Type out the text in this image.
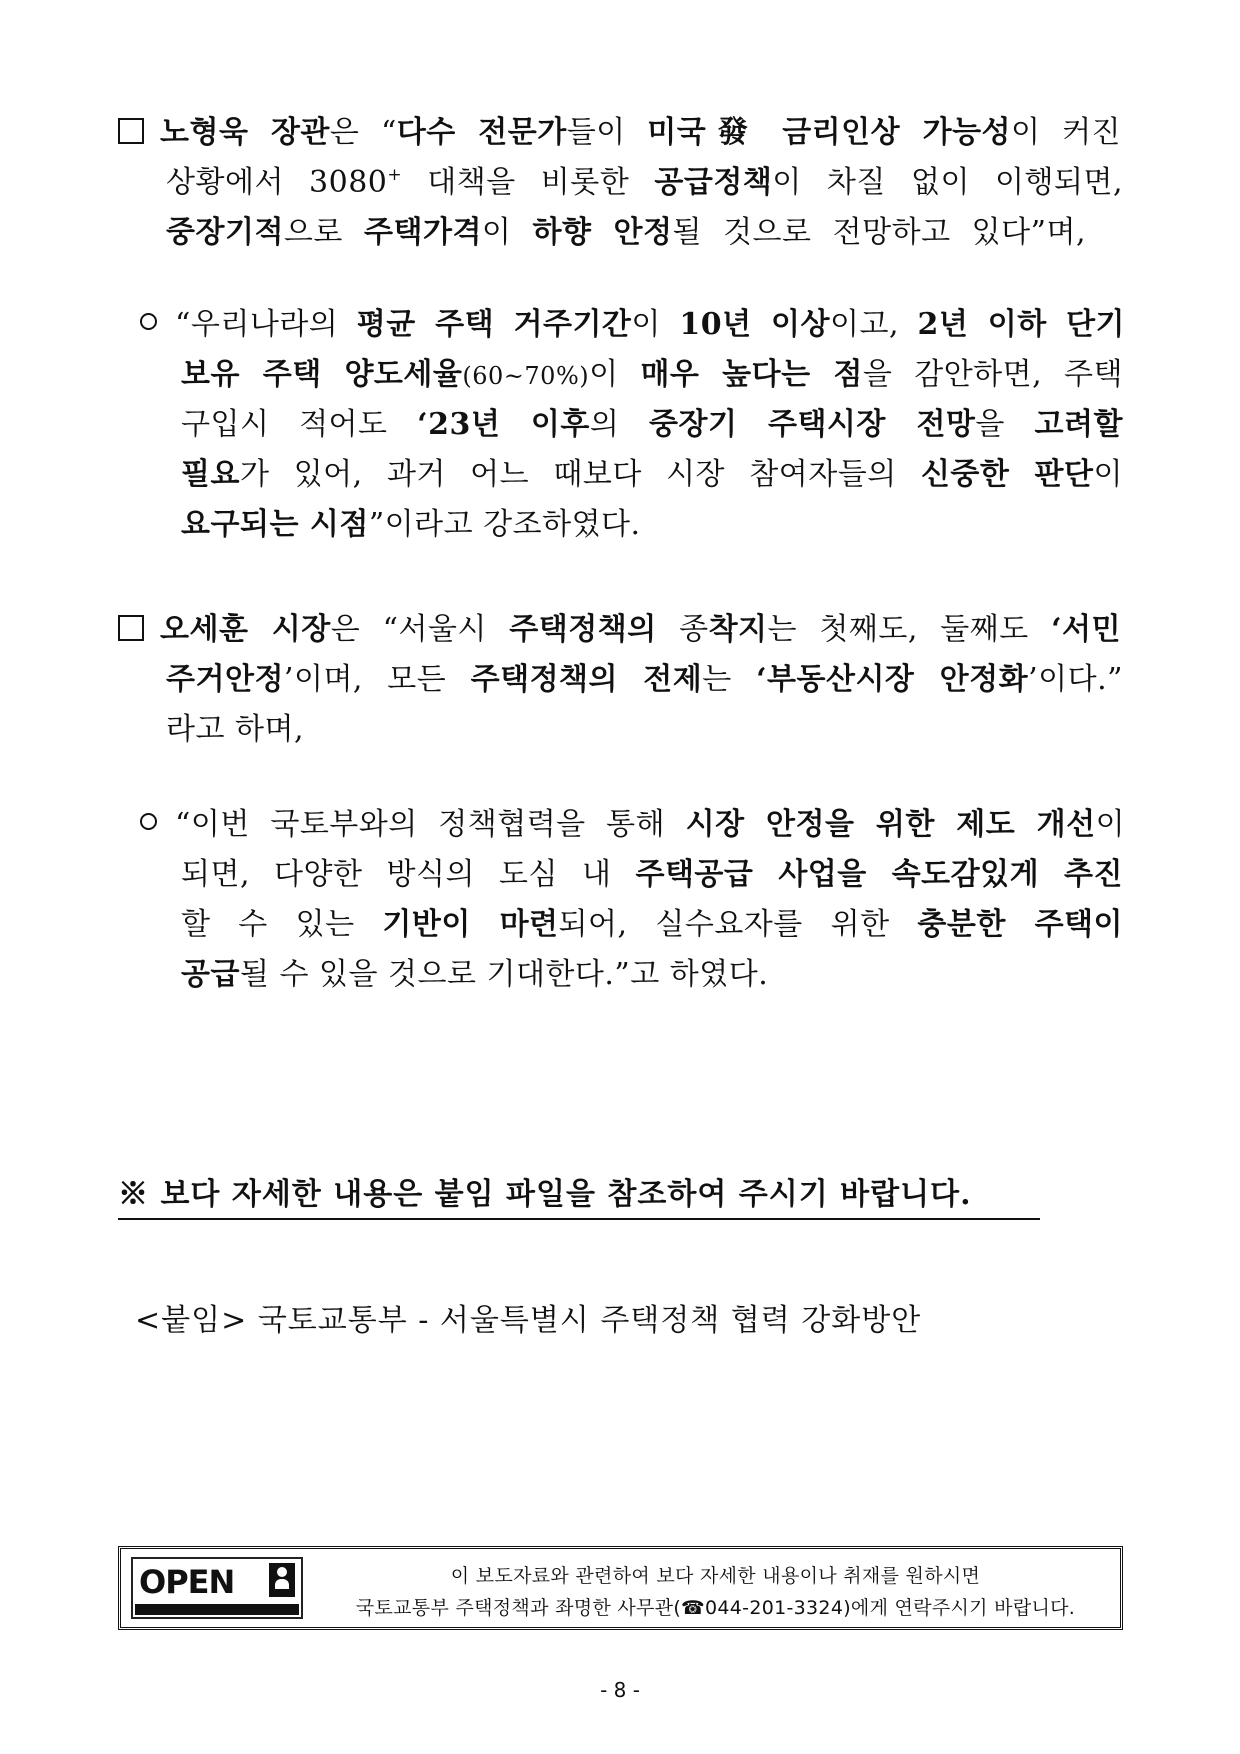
노형욱 장관은 “다수 전문가들이 미국發 금리인상 가능성이 커진
상황에서 3080+ 대책을 비롯한 공급정책이 차질 없이 이행되면,
중장기적으로 주택가격이 하향 안정될 것으로 전망하고 있다”며,
“우리나라의 평균 주택 거주기간이 10년 이상이고, 2년 이하 단기
보유 주택 양도세율(60~70%)이 매우 높다는 점을 감안하면, 주택
구입시 적어도 ‘23년 이후의 중장기 주택시장 전망을 고려할
필요가 있어, 과거 어느 때보다 시장 참여자들의 신중한 판단이
요구되는 시점”이라고 강조하였다.
오세훈 시장은 “서울시 주택정책의 종착지는 첫째도, 둘째도 ‘서민
주거안정’이며, 모든 주택정책의 전제는 ‘부동산시장 안정화’이다.”
라고 하며,
“이번 국토부와의 정책협력을 통해 시장 안정을 위한 제도 개선이
되면, 다양한 방식의 도심 내 주택공급 사업을 속도감있게 추진
할 수 있는 기반이 마련되어, 실수요자를 위한 충분한 주택이
공급될 수 있을 것으로 기대한다.”고 하였다.
※ 보다 자세한 내용은 붙임 파일을 참조하여 주시기 바랍니다.
<붙임> 국토교통부 - 서울특별시 주택정책 협력 강화방안
OPEN	이 보도자료와 관련하여 보다 자세한 내용이나 취재를 원하시면
국토교통부 주택정책과 좌명한 사무관(☎044-201-3324)에게 연락주시기 바랍니다.
- 8 -
